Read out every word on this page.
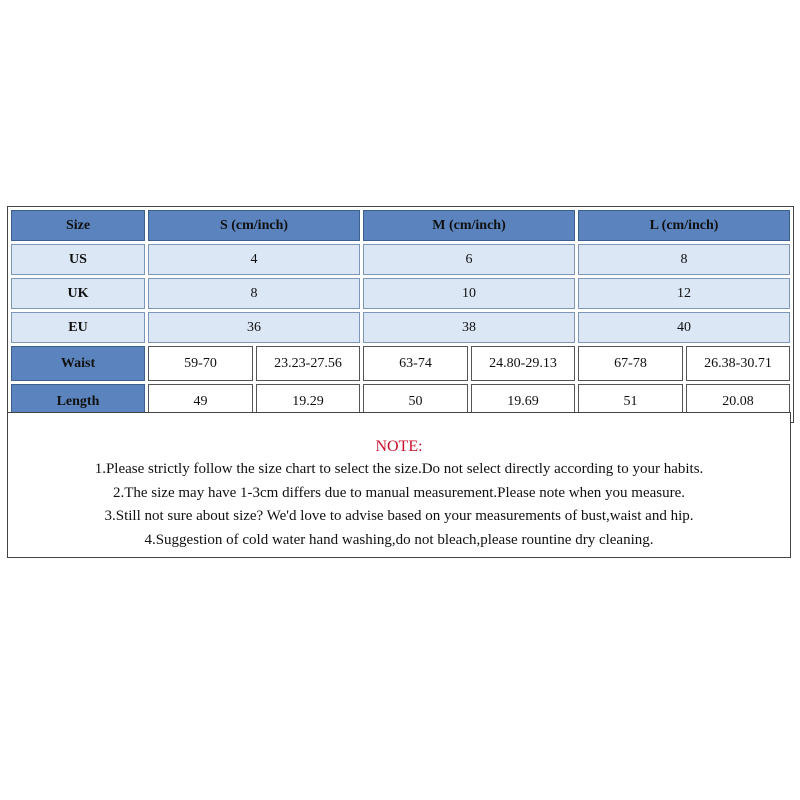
Size	S (cm/inch)		M (cm/inch)		L (cm/inch)	
US	4		6		8	
UK	8		10		12	
EU	36		38		40	
Waist	59-70	23.23-27.56	63-74	24.80-29.13	67-78	26.38-30.71
Length	49	19.29	50	19.69	51	20.08

NOTE:

1.Please strictly follow the size chart to select the size.Do not select directly according to your habits.

2.The size may have 1-3cm differs due to manual measurement.Please note when you measure.

3.Still not sure about size? We'd love to advise based on your measurements of bust,waist and hip.

4.Suggestion of cold water hand washing,do not bleach,please rountine dry cleaning.
